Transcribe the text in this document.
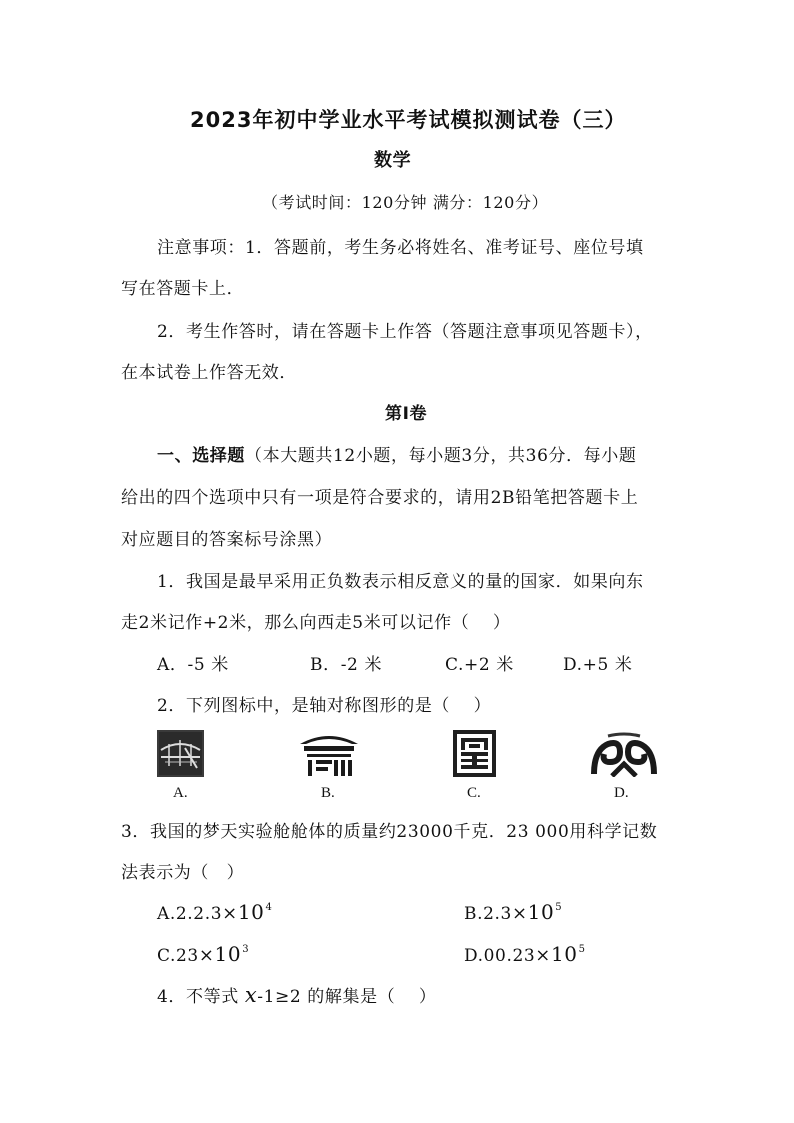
2023年初中学业水平考试模拟测试卷（三）
数学
（考试时间：120分钟 满分：120分）
注意事项：1．答题前，考生务必将姓名、准考证号、座位号填
写在答题卡上．
2．考生作答时，请在答题卡上作答（答题注意事项见答题卡），
在本试卷上作答无效．
第Ⅰ卷
一、选择题（本大题共12小题，每小题3分，共36分．每小题
给出的四个选项中只有一项是符合要求的，请用2B铅笔把答题卡上
对应题目的答案标号涂黑）
1．我国是最早采用正负数表示相反意义的量的国家．如果向东
走2米记作+2米，那么向西走5米可以记作（　 ）
A．-5 米	B．-2 米	C.+2 米	D.+5 米
2．下列图标中，是轴对称图形的是（　 ）
A.	B.	C.	D.
3．我国的梦天实验舱舱体的质量约23000千克．23 000用科学记数
法表示为（　）
$A.2.2.3\times 10^4$	$B.2.3\times 10^5$
$C.23\times 10^3$	$D.00.23\times 10^5$
4．不等式 x-1≥2 的解集是（　 ）
